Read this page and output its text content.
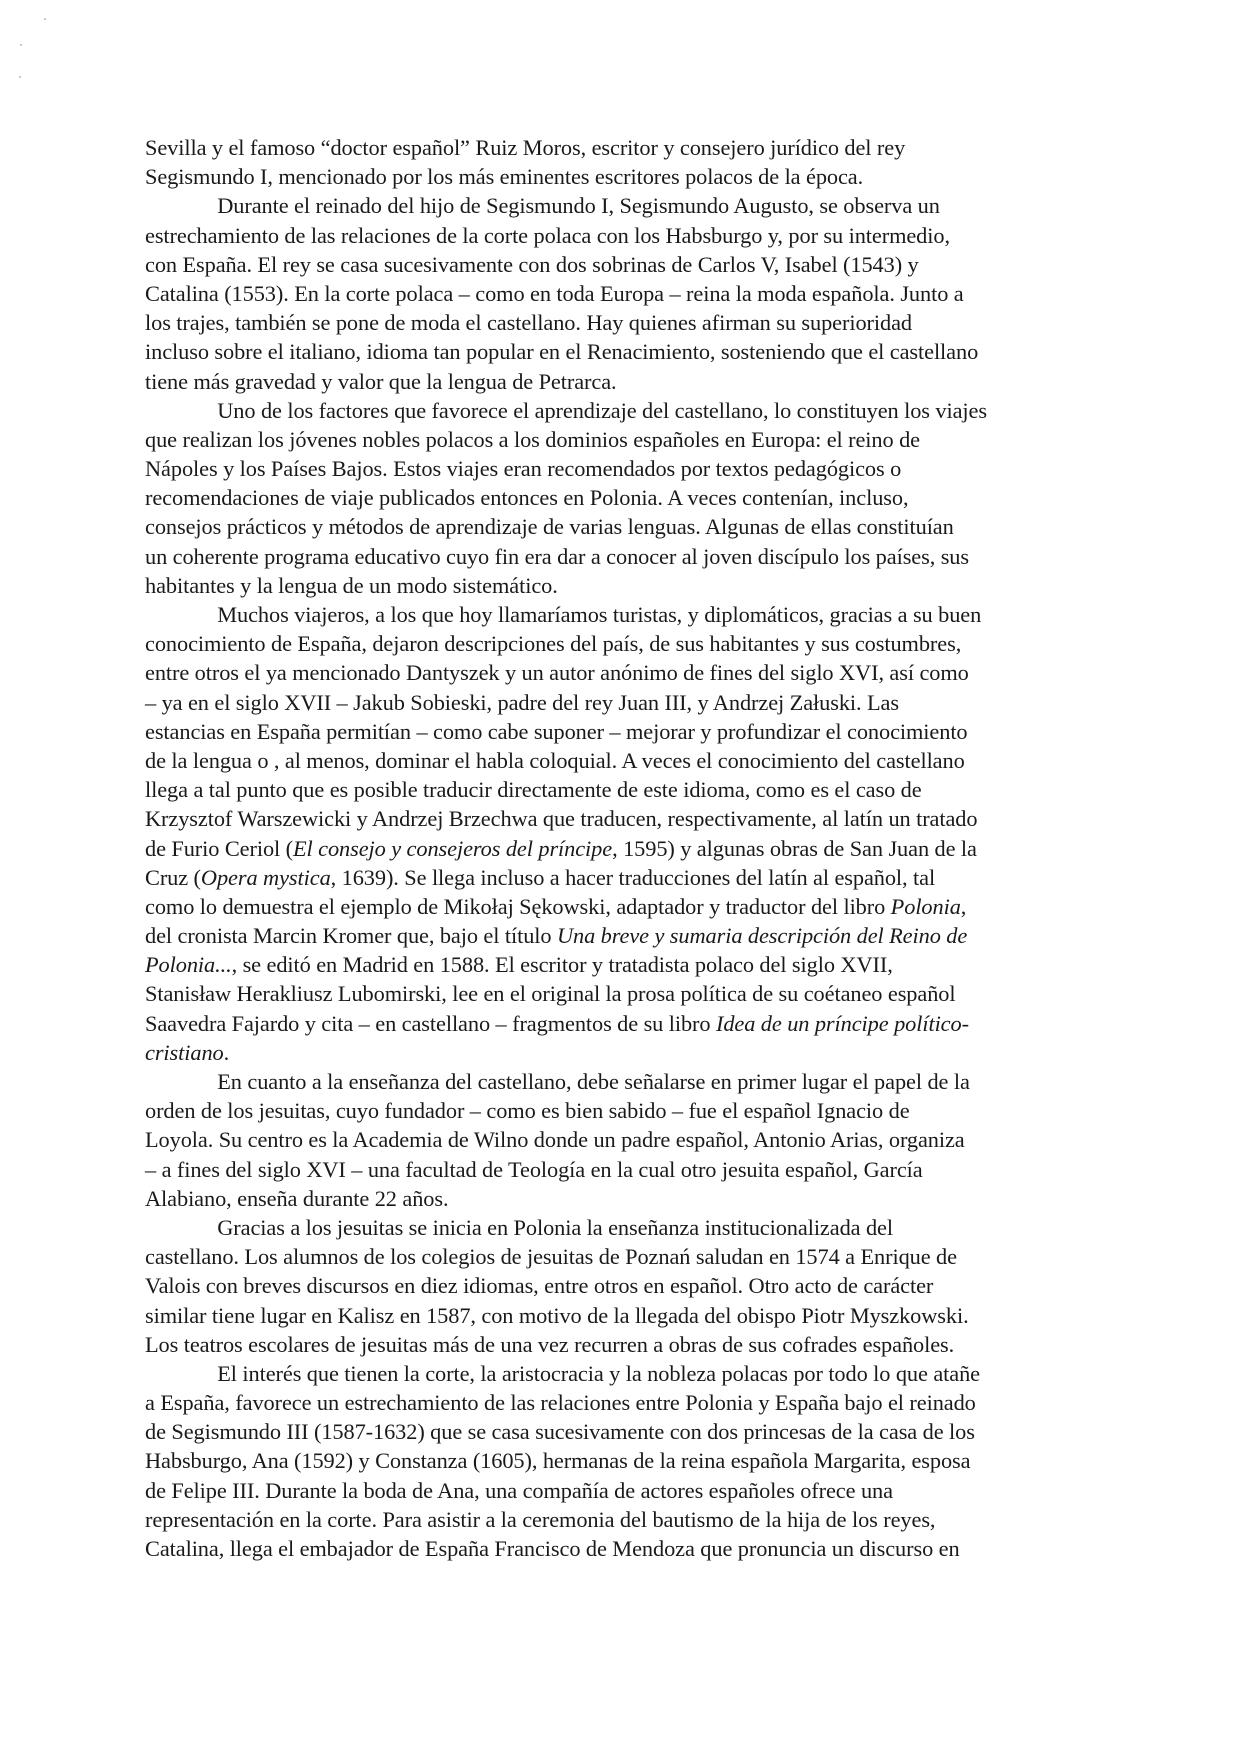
Sevilla y el famoso “doctor español” Ruiz Moros, escritor y consejero jurídico del rey
Segismundo I, mencionado por los más eminentes escritores polacos de la época.
Durante el reinado del hijo de Segismundo I, Segismundo Augusto, se observa un
estrechamiento de las relaciones de la corte polaca con los Habsburgo y, por su intermedio,
con España. El rey se casa sucesivamente con dos sobrinas de Carlos V, Isabel (1543) y
Catalina (1553). En la corte polaca – como en toda Europa – reina la moda española. Junto a
los trajes, también se pone de moda el castellano. Hay quienes afirman su superioridad
incluso sobre el italiano, idioma tan popular en el Renacimiento, sosteniendo que el castellano
tiene más gravedad y valor que la lengua de Petrarca.
Uno de los factores que favorece el aprendizaje del castellano, lo constituyen los viajes
que realizan los jóvenes nobles polacos a los dominios españoles en Europa: el reino de
Nápoles y los Países Bajos. Estos viajes eran recomendados por textos pedagógicos o
recomendaciones de viaje publicados entonces en Polonia. A veces contenían, incluso,
consejos prácticos y métodos de aprendizaje de varias lenguas. Algunas de ellas constituían
un coherente programa educativo cuyo fin era dar a conocer al joven discípulo los países, sus
habitantes y la lengua de un modo sistemático.
Muchos viajeros, a los que hoy llamaríamos turistas, y diplomáticos, gracias a su buen
conocimiento de España, dejaron descripciones del país, de sus habitantes y sus costumbres,
entre otros el ya mencionado Dantyszek y un autor anónimo de fines del siglo XVI, así como
– ya en el siglo XVII – Jakub Sobieski, padre del rey Juan III, y Andrzej Załuski. Las
estancias en España permitían – como cabe suponer – mejorar y profundizar el conocimiento
de la lengua o , al menos, dominar el habla coloquial. A veces el conocimiento del castellano
llega a tal punto que es posible traducir directamente de este idioma, como es el caso de
Krzysztof Warszewicki y Andrzej Brzechwa que traducen, respectivamente, al latín un tratado
de Furio Ceriol (El consejo y consejeros del príncipe, 1595) y algunas obras de San Juan de la
Cruz (Opera mystica, 1639). Se llega incluso a hacer traducciones del latín al español, tal
como lo demuestra el ejemplo de Mikołaj Sękowski, adaptador y traductor del libro Polonia,
del cronista Marcin Kromer que, bajo el título Una breve y sumaria descripción del Reino de
Polonia..., se editó en Madrid en 1588. El escritor y tratadista polaco del siglo XVII,
Stanisław Herakliusz Lubomirski, lee en el original la prosa política de su coétaneo español
Saavedra Fajardo y cita – en castellano – fragmentos de su libro Idea de un príncipe político-
cristiano.
En cuanto a la enseñanza del castellano, debe señalarse en primer lugar el papel de la
orden de los jesuitas, cuyo fundador – como es bien sabido – fue el español Ignacio de
Loyola. Su centro es la Academia de Wilno donde un padre español, Antonio Arias, organiza
– a fines del siglo XVI – una facultad de Teología en la cual otro jesuita español, García
Alabiano, enseña durante 22 años.
Gracias a los jesuitas se inicia en Polonia la enseñanza institucionalizada del
castellano. Los alumnos de los colegios de jesuitas de Poznań saludan en 1574 a Enrique de
Valois con breves discursos en diez idiomas, entre otros en español. Otro acto de carácter
similar tiene lugar en Kalisz en 1587, con motivo de la llegada del obispo Piotr Myszkowski.
Los teatros escolares de jesuitas más de una vez recurren a obras de sus cofrades españoles.
El interés que tienen la corte, la aristocracia y la nobleza polacas por todo lo que atañe
a España, favorece un estrechamiento de las relaciones entre Polonia y España bajo el reinado
de Segismundo III (1587-1632) que se casa sucesivamente con dos princesas de la casa de los
Habsburgo, Ana (1592) y Constanza (1605), hermanas de la reina española Margarita, esposa
de Felipe III. Durante la boda de Ana, una compañía de actores españoles ofrece una
representación en la corte. Para asistir a la ceremonia del bautismo de la hija de los reyes,
Catalina, llega el embajador de España Francisco de Mendoza que pronuncia un discurso en
